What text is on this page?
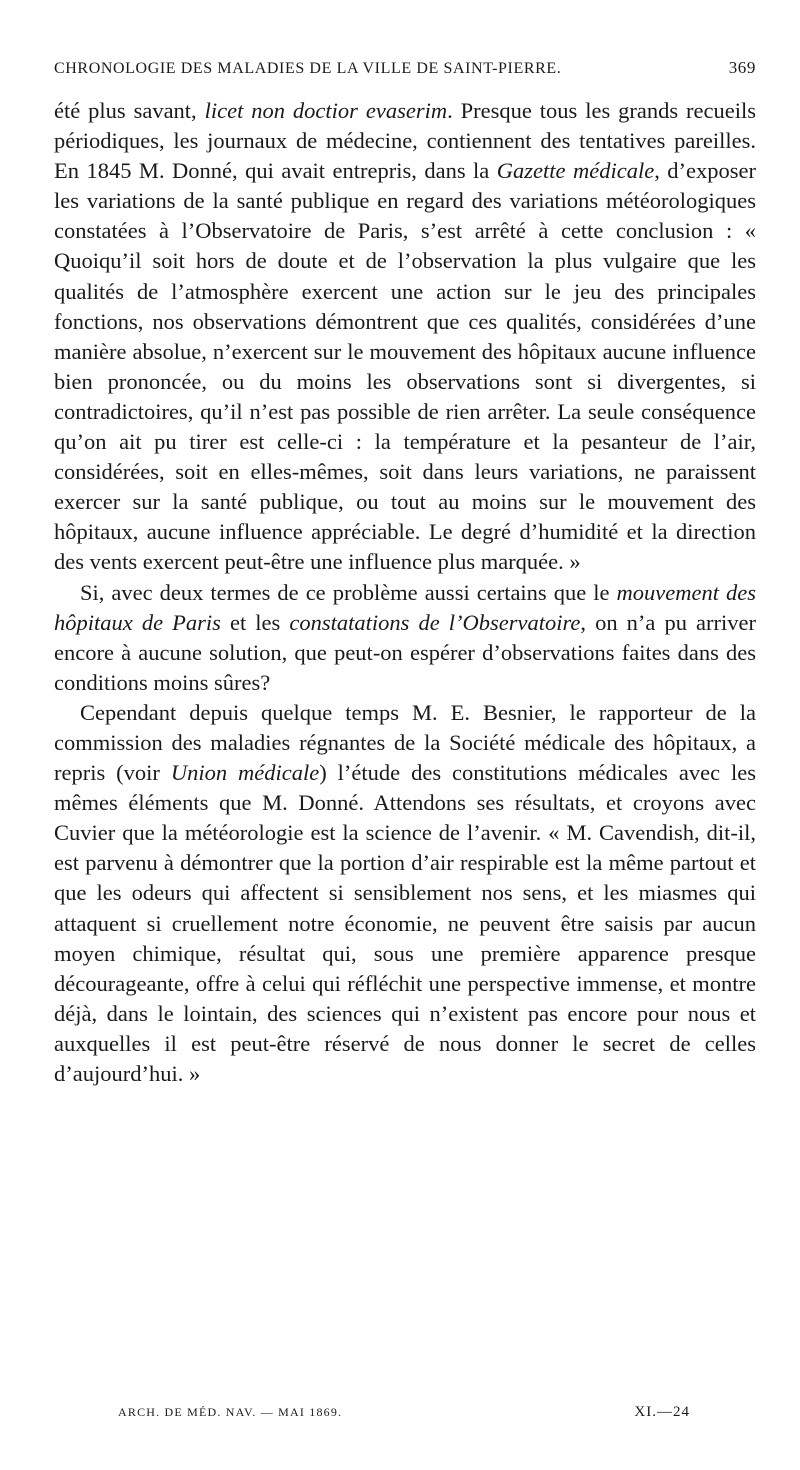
CHRONOLOGIE DES MALADIES DE LA VILLE DE SAINT-PIERRE.	369

été plus savant, licet non doctior evaserim. Presque tous les grands recueils périodiques, les journaux de médecine, contiennent des tentatives pareilles. En 1845 M. Donné, qui avait entrepris, dans la Gazette médicale, d’exposer les variations de la santé publique en regard des variations météorologiques constatées à l’Observatoire de Paris, s’est arrêté à cette conclusion : « Quoiqu’il soit hors de doute et de l’observation la plus vulgaire que les qualités de l’atmosphère exercent une action sur le jeu des principales fonctions, nos observations démontrent que ces qualités, considérées d’une manière absolue, n’exercent sur le mouvement des hôpitaux aucune influence bien prononcée, ou du moins les observations sont si divergentes, si contradictoires, qu’il n’est pas possible de rien arrêter. La seule conséquence qu’on ait pu tirer est celle-ci : la température et la pesanteur de l’air, considérées, soit en elles-mêmes, soit dans leurs variations, ne paraissent exercer sur la santé publique, ou tout au moins sur le mouvement des hôpitaux, aucune influence appréciable. Le degré d’humidité et la direction des vents exercent peut-être une influence plus marquée. »

Si, avec deux termes de ce problème aussi certains que le mouvement des hôpitaux de Paris et les constatations de l’Observatoire, on n’a pu arriver encore à aucune solution, que peut-on espérer d’observations faites dans des conditions moins sûres?

Cependant depuis quelque temps M. E. Besnier, le rapporteur de la commission des maladies régnantes de la Société médicale des hôpitaux, a repris (voir Union médicale) l’étude des constitutions médicales avec les mêmes éléments que M. Donné. Attendons ses résultats, et croyons avec Cuvier que la météorologie est la science de l’avenir. « M. Cavendish, dit-il, est parvenu à démontrer que la portion d’air respirable est la même partout et que les odeurs qui affectent si sensiblement nos sens, et les miasmes qui attaquent si cruellement notre économie, ne peuvent être saisis par aucun moyen chimique, résultat qui, sous une première apparence presque décourageante, offre à celui qui réfléchit une perspective immense, et montre déjà, dans le lointain, des sciences qui n’existent pas encore pour nous et auxquelles il est peut-être réservé de nous donner le secret de celles d’aujourd’hui. »

ARCH. DE MÉD. NAV. — MAI 1869.	XI.—24
